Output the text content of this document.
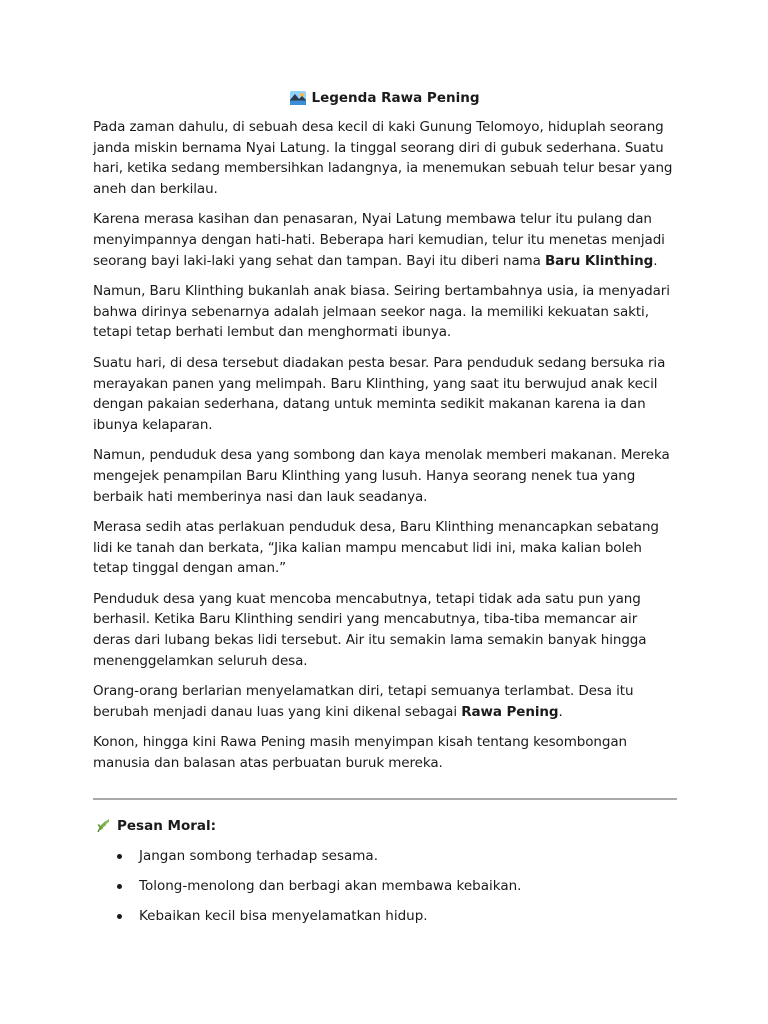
Legenda Rawa Pening

Pada zaman dahulu, di sebuah desa kecil di kaki Gunung Telomoyo, hiduplah seorang janda miskin bernama Nyai Latung. Ia tinggal seorang diri di gubuk sederhana. Suatu hari, ketika sedang membersihkan ladangnya, ia menemukan sebuah telur besar yang aneh dan berkilau.

Karena merasa kasihan dan penasaran, Nyai Latung membawa telur itu pulang dan menyimpannya dengan hati-hati. Beberapa hari kemudian, telur itu menetas menjadi seorang bayi laki-laki yang sehat dan tampan. Bayi itu diberi nama Baru Klinthing.

Namun, Baru Klinthing bukanlah anak biasa. Seiring bertambahnya usia, ia menyadari bahwa dirinya sebenarnya adalah jelmaan seekor naga. Ia memiliki kekuatan sakti, tetapi tetap berhati lembut dan menghormati ibunya.

Suatu hari, di desa tersebut diadakan pesta besar. Para penduduk sedang bersuka ria merayakan panen yang melimpah. Baru Klinthing, yang saat itu berwujud anak kecil dengan pakaian sederhana, datang untuk meminta sedikit makanan karena ia dan ibunya kelaparan.

Namun, penduduk desa yang sombong dan kaya menolak memberi makanan. Mereka mengejek penampilan Baru Klinthing yang lusuh. Hanya seorang nenek tua yang berbaik hati memberinya nasi dan lauk seadanya.

Merasa sedih atas perlakuan penduduk desa, Baru Klinthing menancapkan sebatang lidi ke tanah dan berkata, “Jika kalian mampu mencabut lidi ini, maka kalian boleh tetap tinggal dengan aman.”

Penduduk desa yang kuat mencoba mencabutnya, tetapi tidak ada satu pun yang berhasil. Ketika Baru Klinthing sendiri yang mencabutnya, tiba-tiba memancar air deras dari lubang bekas lidi tersebut. Air itu semakin lama semakin banyak hingga menenggelamkan seluruh desa.

Orang-orang berlarian menyelamatkan diri, tetapi semuanya terlambat. Desa itu berubah menjadi danau luas yang kini dikenal sebagai Rawa Pening.

Konon, hingga kini Rawa Pening masih menyimpan kisah tentang kesombongan manusia dan balasan atas perbuatan buruk mereka.

Pesan Moral:
Jangan sombong terhadap sesama.
Tolong-menolong dan berbagi akan membawa kebaikan.
Kebaikan kecil bisa menyelamatkan hidup.
